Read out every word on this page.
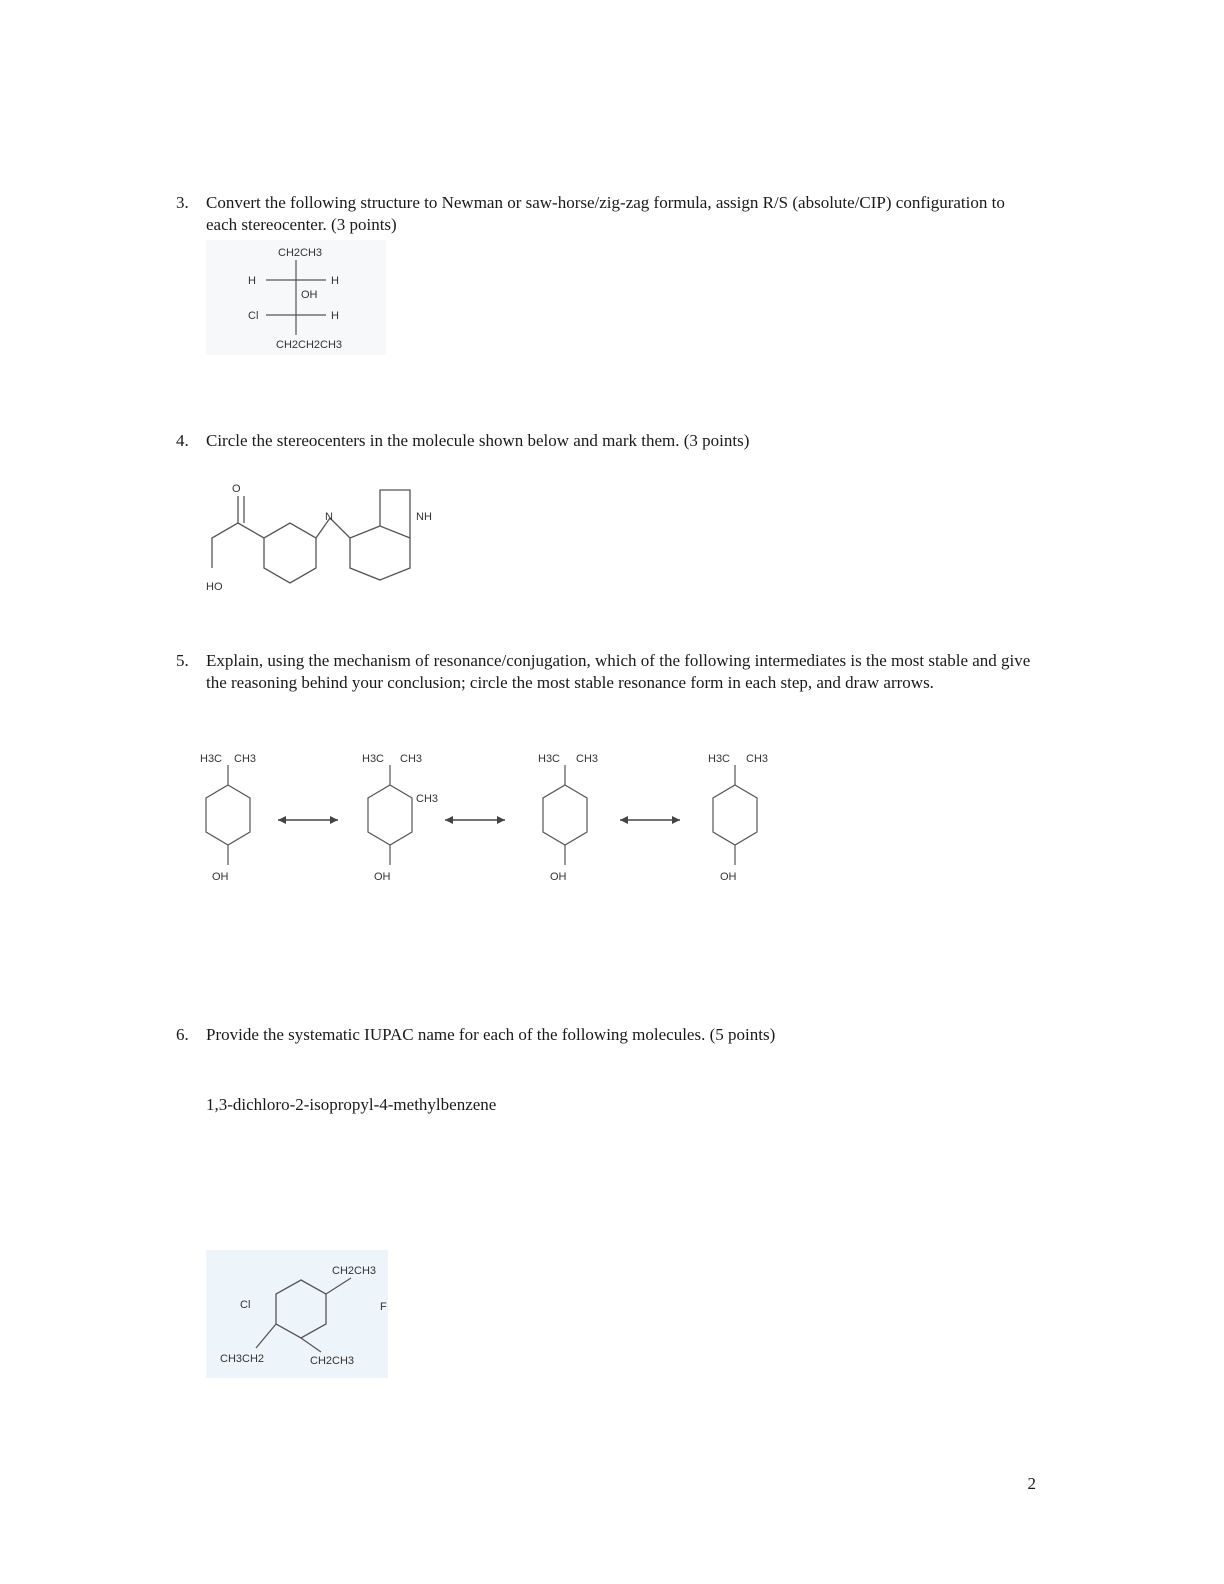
3.	Convert the following structure to Newman or saw-horse/zig-zag formula, assign R/S (absolute/CIP) configuration to each stereocenter. (3 points)
CH2CH3
H	H
OH
Cl	H
CH2CH2CH3
4.	Circle the stereocenters in the molecule shown below and mark them. (3 points)
O
N	NH
HO
5.	Explain, using the mechanism of resonance/conjugation, which of the following intermediates is the most stable and give the reasoning behind your conclusion; circle the most stable resonance form in each step, and draw arrows.
H3C CH3
OH
H3C CH3
CH3
OH
H3C CH3
OH
H3C CH3
OH
6.	Provide the systematic IUPAC name for each of the following molecules. (5 points)
1,3-dichloro-2-isopropyl-4-methylbenzene
Cl
CH2CH3
CH3CH2	CH2CH3
F
2
